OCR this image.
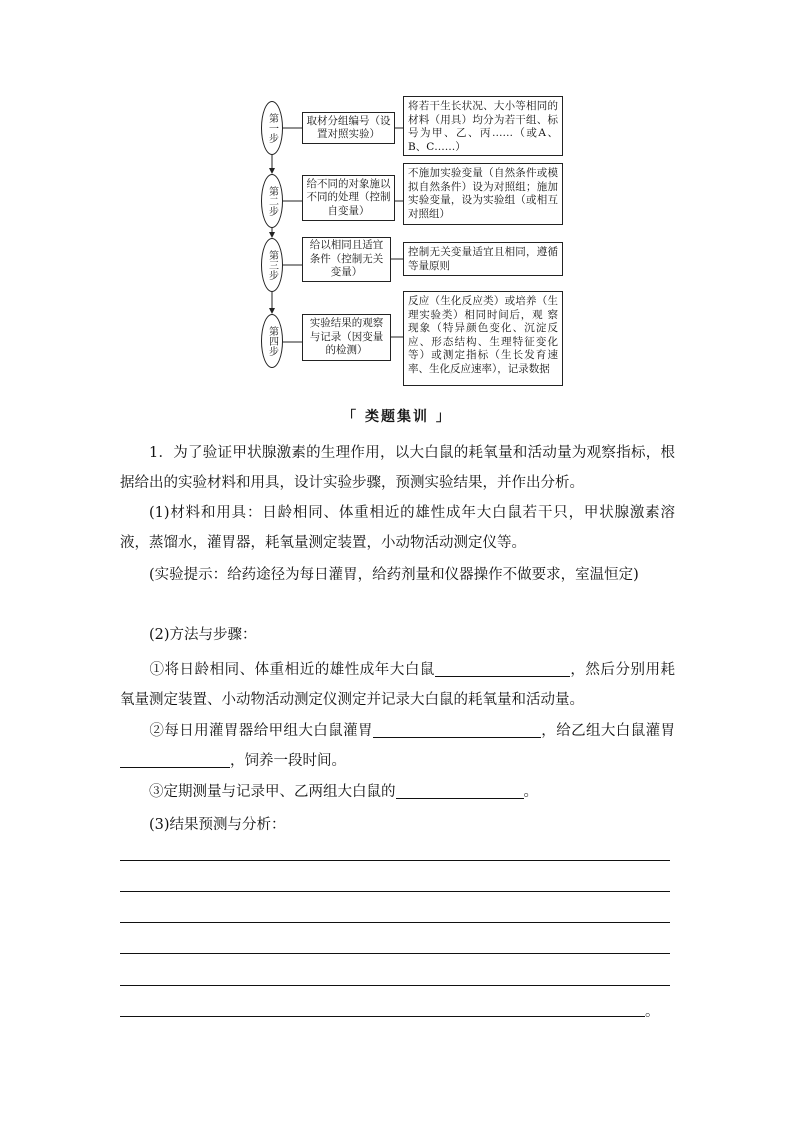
第一步	取材分组编号（设置对照实验）
将若干生长状况、大小等相同的材料（用具）均分为若干组、标号为甲、乙、丙……（或A、B、C……）
第二步
给不同的对象施以不同的处理（控制自变量）
不施加实验变量（自然条件或模拟自然条件）设为对照组；施加实验变量，设为实验组（或相互对照组）
第三步
给以相同且适宜条件（控制无关变量）
控制无关变量适宜且相同，遵循等量原则
第四步
实验结果的观察与记录（因变量的检测）
反应（生化反应类）或培养（生理实验类）相同时间后，观 察现象（特异颜色变化、沉淀反应、形态结构、生理特征变化等）或测定指标（生长发育速率、生化反应速率），记录数据
「 类题集训 」
1．为了验证甲状腺激素的生理作用，以大白鼠的耗氧量和活动量为观察指标，根据给出的实验材料和用具，设计实验步骤，预测实验结果，并作出分析。
(1)材料和用具：日龄相同、体重相近的雄性成年大白鼠若干只，甲状腺激素溶液，蒸馏水，灌胃器，耗氧量测定装置，小动物活动测定仪等。
(实验提示：给药途径为每日灌胃，给药剂量和仪器操作不做要求，室温恒定)
(2)方法与步骤：
①将日龄相同、体重相近的雄性成年大白鼠	，然后分别用耗氧量测定装置、小动物活动测定仪测定并记录大白鼠的耗氧量和活动量。
②每日用灌胃器给甲组大白鼠灌胃	，给乙组大白鼠灌胃，饲养一段时间。
③定期测量与记录甲、乙两组大白鼠的	。
(3)结果预测与分析：
。
